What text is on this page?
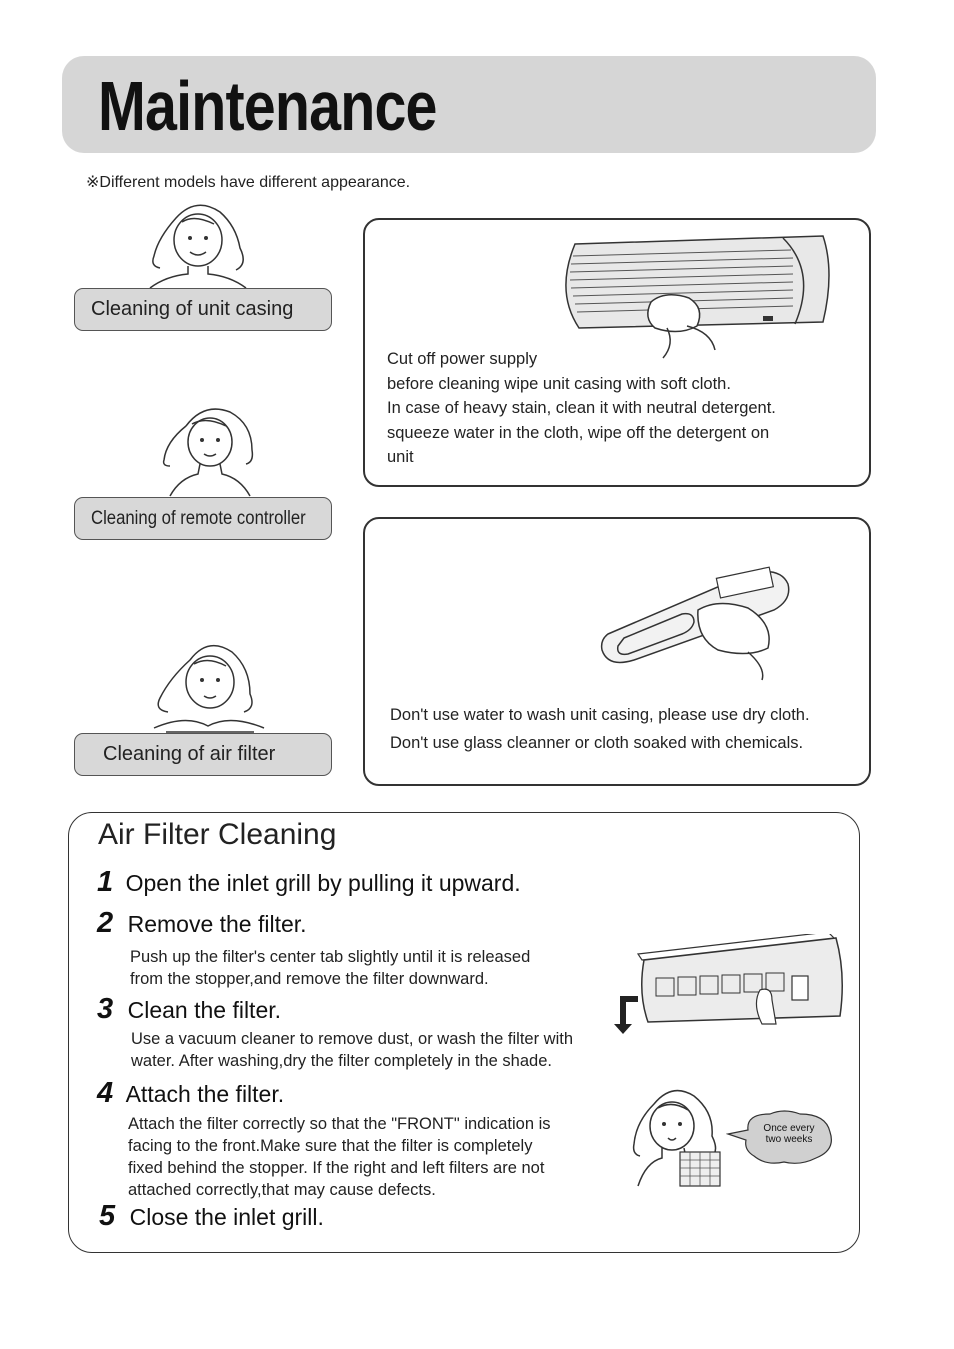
Maintenance
※Different models have different appearance.
Cleaning of unit casing
Cut off power supply
before cleaning wipe unit casing with soft cloth.
In case of heavy stain, clean it with neutral detergent.
squeeze water in the cloth, wipe off the detergent on
unit
Cleaning of remote controller
Don't use water to wash unit casing, please use dry cloth.
Don't use glass cleanner or cloth soaked with chemicals.
Cleaning of air filter
Air Filter Cleaning
1 Open the inlet grill by pulling it upward.
2 Remove the filter.
Push up the filter's center tab slightly until it is released
from the stopper,and remove the filter downward.
3 Clean the filter.
Use a vacuum cleaner to remove dust, or wash the filter with
water. After washing,dry the filter completely in the shade.
4 Attach the filter.
Attach the filter correctly so that the "FRONT" indication is
facing to the front.Make sure that the filter is completely
fixed behind the stopper. If the right and left filters are not
attached correctly,that may cause defects.
5 Close the inlet grill.
Once every
two weeks
